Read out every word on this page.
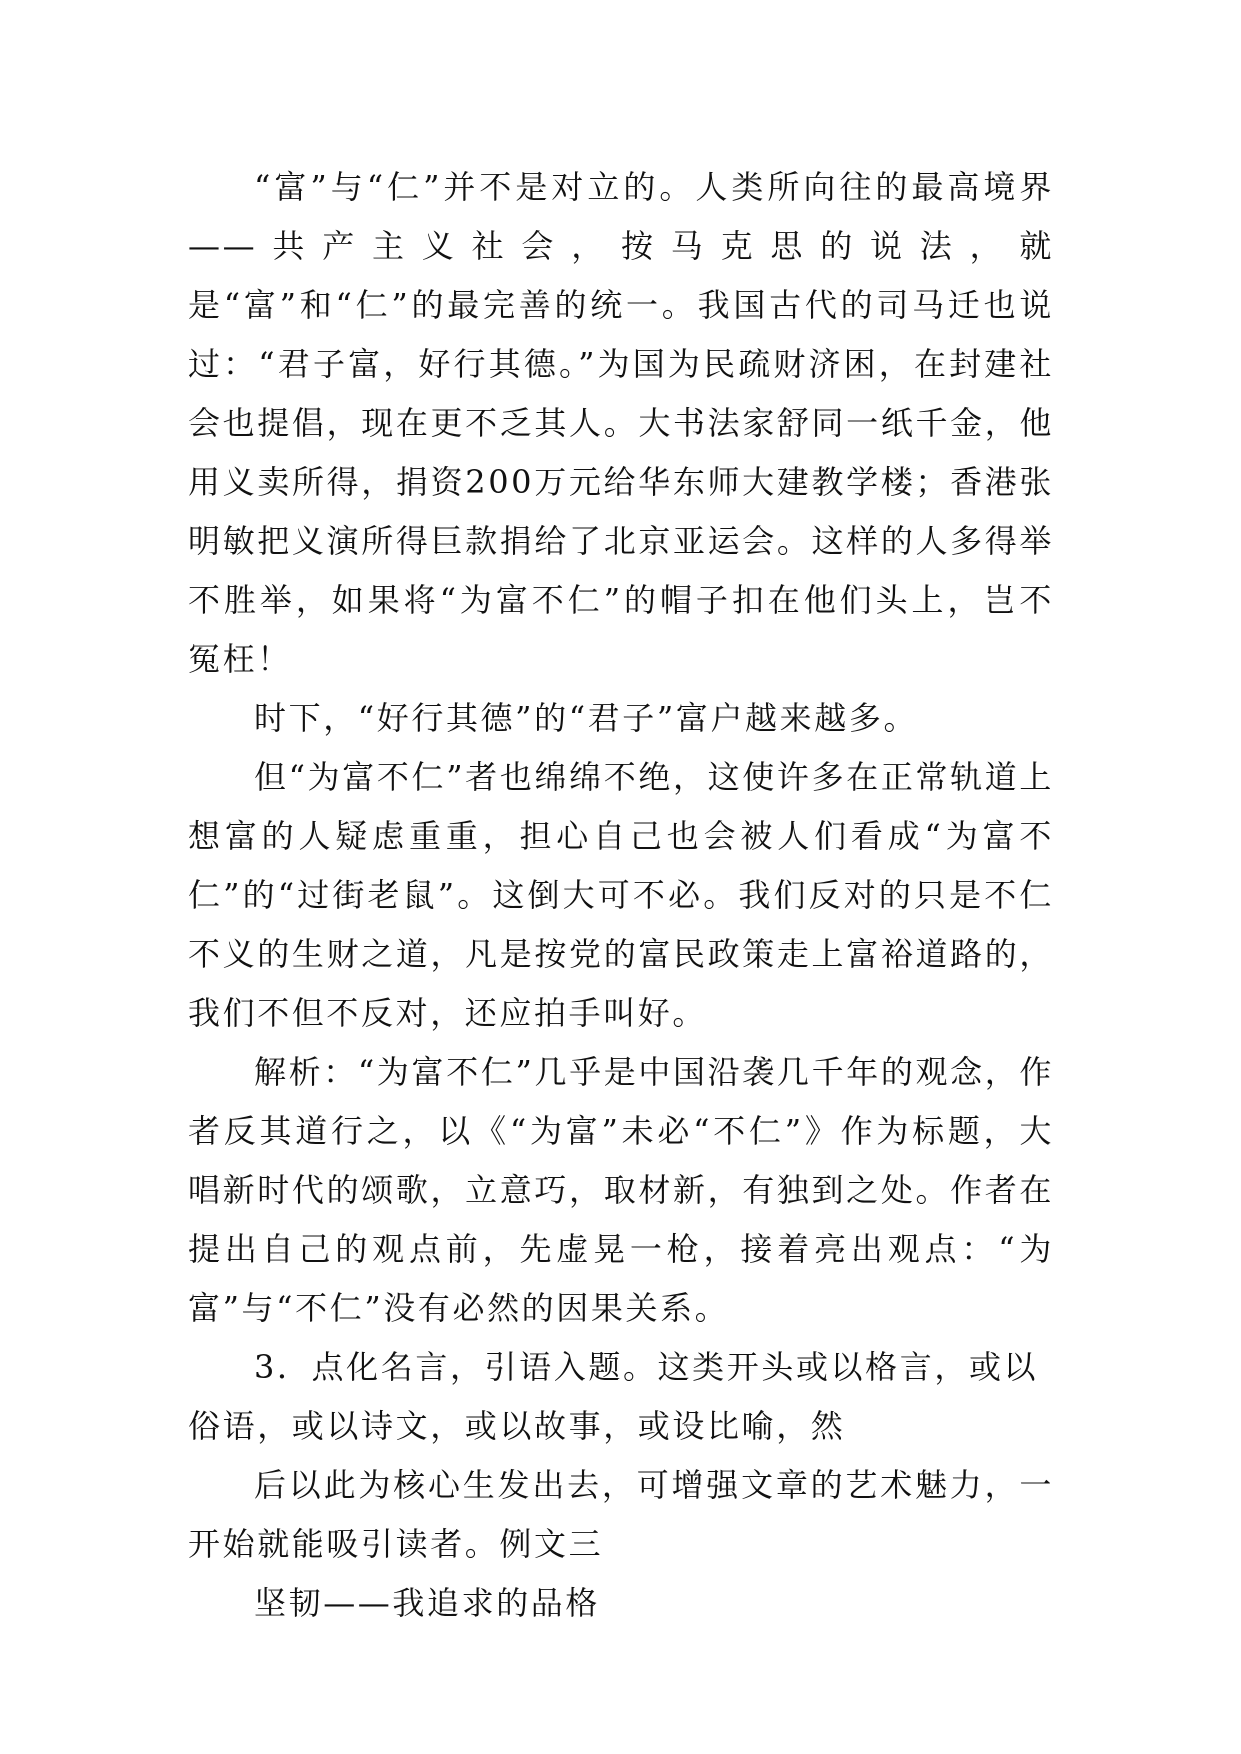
“富”与“仁”并不是对立的。人类所向往的最高境界——共产主义社会，按马克思的说法，就是“富”和“仁”的最完善的统一。我国古代的司马迁也说过：“君子富，好行其德。”为国为民疏财济困，在封建社会也提倡，现在更不乏其人。大书法家舒同一纸千金，他用义卖所得，捐资200万元给华东师大建教学楼；香港张明敏把义演所得巨款捐给了北京亚运会。这样的人多得举不胜举，如果将“为富不仁”的帽子扣在他们头上，岂不冤枉！

时下，“好行其德”的“君子”富户越来越多。

但“为富不仁”者也绵绵不绝，这使许多在正常轨道上想富的人疑虑重重，担心自己也会被人们看成“为富不仁”的“过街老鼠”。这倒大可不必。我们反对的只是不仁不义的生财之道，凡是按党的富民政策走上富裕道路的，我们不但不反对，还应拍手叫好。

解析：“为富不仁”几乎是中国沿袭几千年的观念，作者反其道行之，以《“为富”未必“不仁”》作为标题，大唱新时代的颂歌，立意巧，取材新，有独到之处。作者在提出自己的观点前，先虚晃一枪，接着亮出观点：“为富”与“不仁”没有必然的因果关系。

3．点化名言，引语入题。这类开头或以格言，或以俗语，或以诗文，或以故事，或设比喻，然

后以此为核心生发出去，可增强文章的艺术魅力，一开始就能吸引读者。例文三

坚韧——我追求的品格
